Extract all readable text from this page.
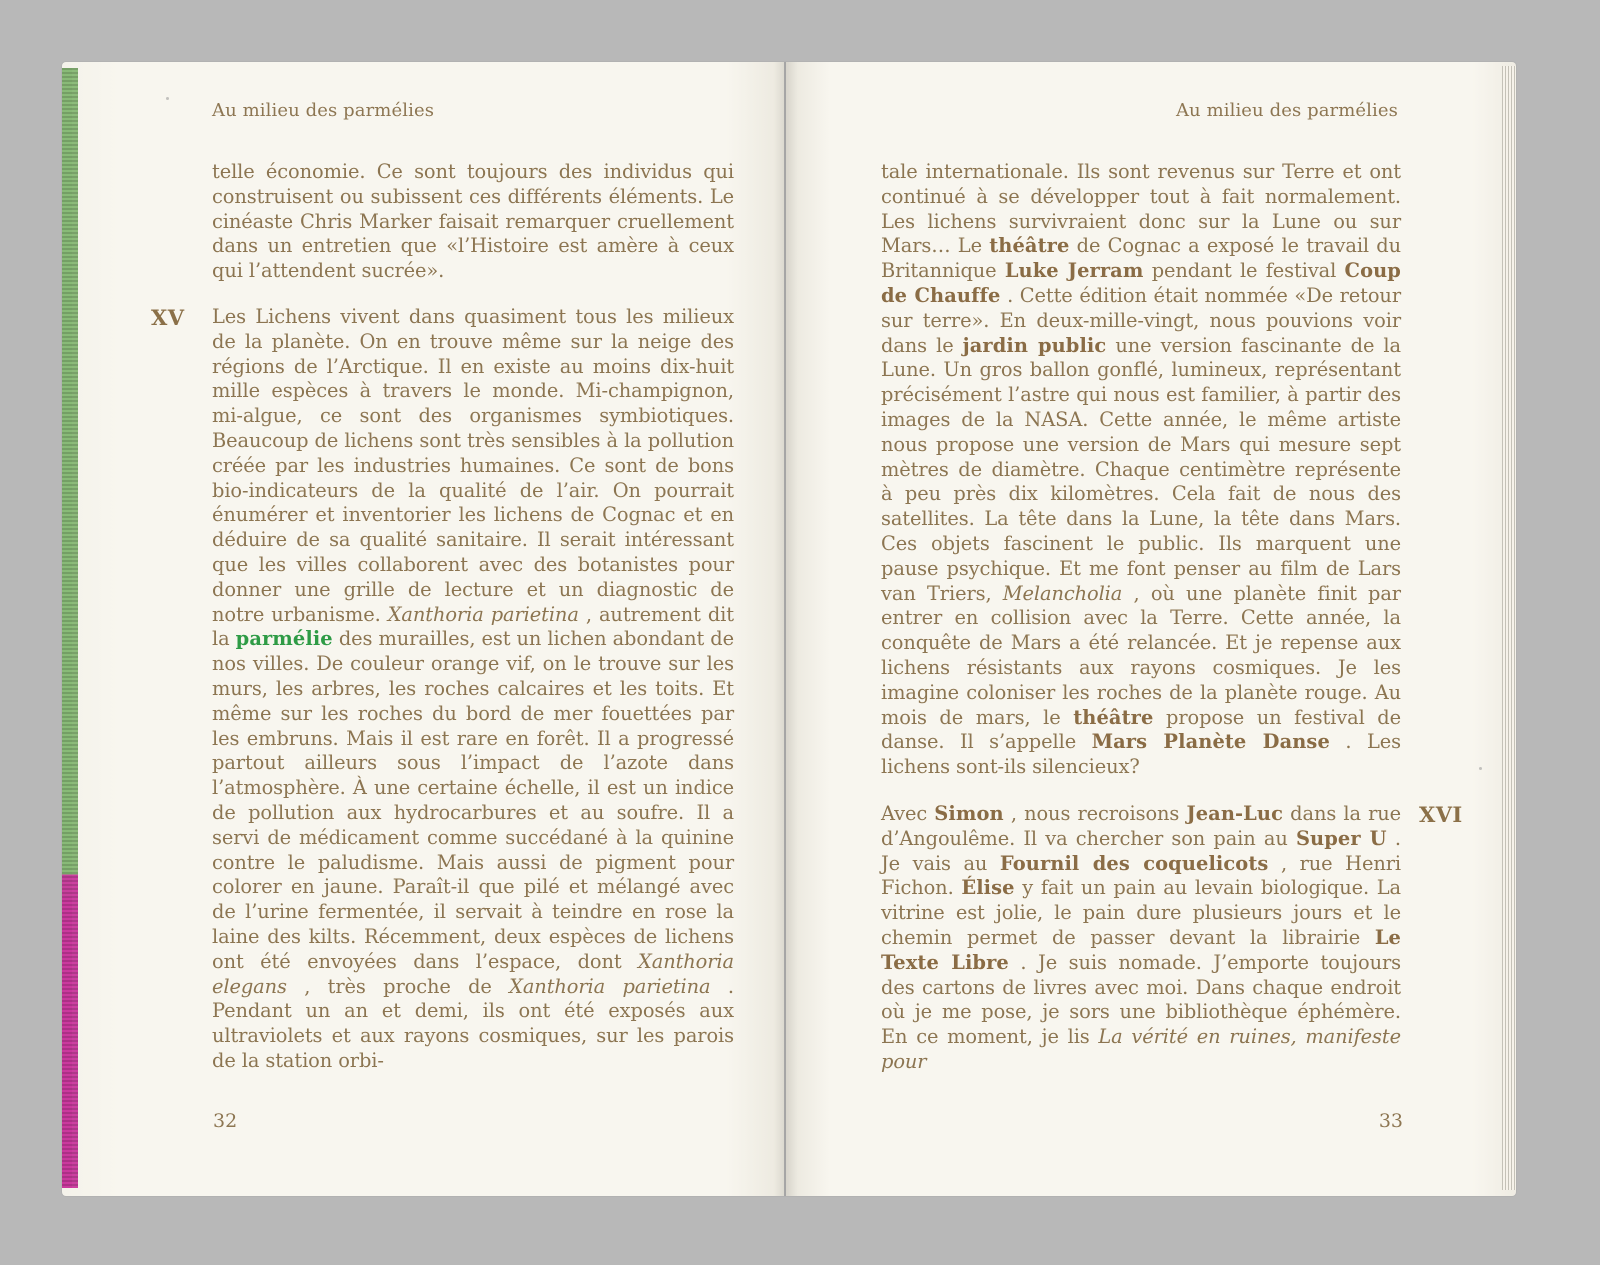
Au milieu des parmélies

telle économie. Ce sont toujours des individus qui construisent ou subissent ces différents éléments. Le cinéaste Chris Marker faisait remarquer cruellement dans un entretien que «l’Histoire est amère à ceux qui l’attendent sucrée».

XV Les Lichens vivent dans quasiment tous les milieux de la planète. On en trouve même sur la neige des régions de l’Arctique. Il en existe au moins dix-huit mille espèces à travers le monde. Mi-champignon, mi-algue, ce sont des organismes symbiotiques. Beaucoup de lichens sont très sensibles à la pollution créée par les industries humaines. Ce sont de bons bio-indicateurs de la qualité de l’air. On pourrait énumérer et inventorier les lichens de Cognac et en déduire de sa qualité sanitaire. Il serait intéressant que les villes collaborent avec des botanistes pour donner une grille de lecture et un diagnostic de notre urbanisme. Xanthoria parietina , autrement dit la parmélie des murailles, est un lichen abondant de nos villes. De couleur orange vif, on le trouve sur les murs, les arbres, les roches calcaires et les toits. Et même sur les roches du bord de mer fouettées par les embruns. Mais il est rare en forêt. Il a progressé partout ailleurs sous l’impact de l’azote dans l’atmosphère. À une certaine échelle, il est un indice de pollution aux hydrocarbures et au soufre. Il a servi de médicament comme succédané à la quinine contre le paludisme. Mais aussi de pigment pour colorer en jaune. Paraît-il que pilé et mélangé avec de l’urine fermentée, il servait à teindre en rose la laine des kilts. Récemment, deux espèces de lichens ont été envoyées dans l’espace, dont Xanthoria elegans , très proche de Xanthoria parietina . Pendant un an et demi, ils ont été exposés aux ultraviolets et aux rayons cosmiques, sur les parois de la station orbi-

32
Au milieu des parmélies

tale internationale. Ils sont revenus sur Terre et ont continué à se développer tout à fait normalement. Les lichens survivraient donc sur la Lune ou sur Mars… Le théâtre de Cognac a exposé le travail du Britannique Luke Jerram pendant le festival Coup de Chauffe . Cette édition était nommée «De retour sur terre». En deux-mille-vingt, nous pouvions voir dans le jardin public une version fascinante de la Lune. Un gros ballon gonflé, lumineux, représentant précisément l’astre qui nous est familier, à partir des images de la NASA. Cette année, le même artiste nous propose une version de Mars qui mesure sept mètres de diamètre. Chaque centimètre représente à peu près dix kilomètres. Cela fait de nous des satellites. La tête dans la Lune, la tête dans Mars. Ces objets fascinent le public. Ils marquent une pause psychique. Et me font penser au film de Lars van Triers, Melancholia , où une planète finit par entrer en collision avec la Terre. Cette année, la conquête de Mars a été relancée. Et je repense aux lichens résistants aux rayons cosmiques. Je les imagine coloniser les roches de la planète rouge. Au mois de mars, le théâtre propose un festival de danse. Il s’appelle Mars Planète Danse . Les lichens sont-ils silencieux?

XVI

Avec Simon , nous recroisons Jean-Luc dans la rue d’Angoulême. Il va chercher son pain au Super U . Je vais au Fournil des coquelicots , rue Henri Fichon. Élise y fait un pain au levain biologique. La vitrine est jolie, le pain dure plusieurs jours et le chemin permet de passer devant la librairie Le Texte Libre . Je suis nomade. J’emporte toujours des cartons de livres avec moi. Dans chaque endroit où je me pose, je sors une bibliothèque éphémère. En ce moment, je lis La vérité en ruines, manifeste pour

33
